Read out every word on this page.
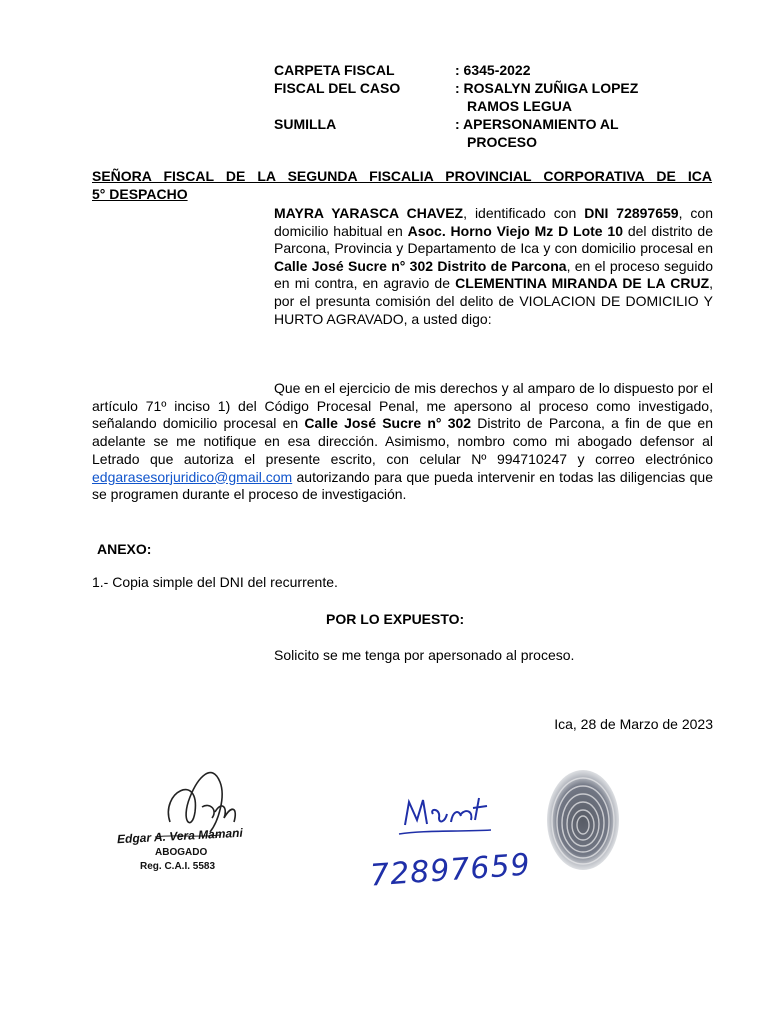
CARPETA FISCAL	: 6345-2022
FISCAL DEL CASO	: ROSALYN ZUÑIGA LOPEZ
RAMOS LEGUA
SUMILLA	: APERSONAMIENTO AL
PROCESO
SEÑORA FISCAL DE LA SEGUNDA FISCALIA PROVINCIAL CORPORATIVA DE ICA
5° DESPACHO
MAYRA YARASCA CHAVEZ, identificado con DNI 72897659, con domicilio habitual en Asoc. Horno Viejo Mz D Lote 10 del distrito de Parcona, Provincia y Departamento de Ica y con domicilio procesal en Calle José Sucre n° 302 Distrito de Parcona, en el proceso seguido en mi contra, en agravio de CLEMENTINA MIRANDA DE LA CRUZ, por el presunta comisión del delito de VIOLACION DE DOMICILIO Y HURTO AGRAVADO, a usted digo:
Que en el ejercicio de mis derechos y al amparo de lo dispuesto por el artículo 71º inciso 1) del Código Procesal Penal, me apersono al proceso como investigado, señalando domicilio procesal en Calle José Sucre n° 302 Distrito de Parcona, a fin de que en adelante se me notifique en esa dirección. Asimismo, nombro como mi abogado defensor al Letrado que autoriza el presente escrito, con celular Nº 994710247 y correo electrónico edgarasesorjuridico@gmail.com autorizando para que pueda intervenir en todas las diligencias que se programen durante el proceso de investigación.
ANEXO:
1.- Copia simple del DNI del recurrente.
POR LO EXPUESTO:
Solicito se me tenga por apersonado al proceso.
Ica, 28 de Marzo de 2023
Edgar A. Vera Mamani
ABOGADO
Reg. C.A.I. 5583	72897659
